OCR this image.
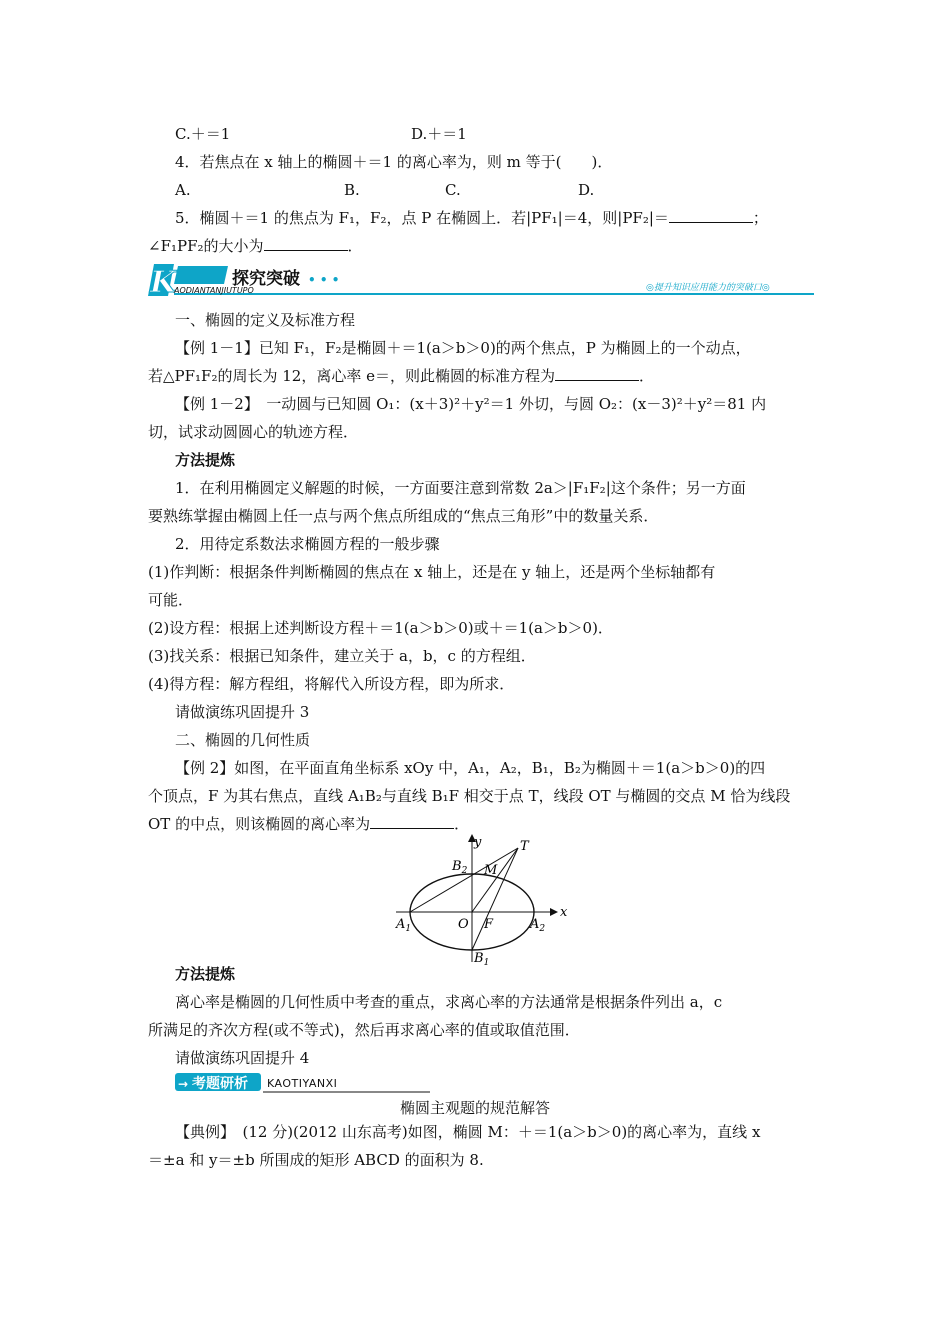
C.＋＝1	D.＋＝1
4．若焦点在 x 轴上的椭圆＋＝1 的离心率为，则 m 等于(　　)．
A.	B.	C.	D.
5．椭圆＋＝1 的焦点为 F₁，F₂，点 P 在椭圆上．若|PF₁|＝4，则|PF₂|＝	；
∠F₁PF₂的大小为	．
K	探究突破 • • •
AODIANTANJIUTUPO	◎提升知识应用能力的突破口◎
一、椭圆的定义及标准方程
【例 1－1】已知 F₁，F₂是椭圆＋＝1(a＞b＞0)的两个焦点，P 为椭圆上的一个动点，
若△PF₁F₂的周长为 12，离心率 e＝，则此椭圆的标准方程为	．
【例 1－2】　一动圆与已知圆 O₁：(x＋3)²＋y²＝1 外切，与圆 O₂：(x－3)²＋y²＝81 内
切，试求动圆圆心的轨迹方程．
方法提炼
1．在利用椭圆定义解题的时候，一方面要注意到常数 2a＞|F₁F₂|这个条件；另一方面
要熟练掌握由椭圆上任一点与两个焦点所组成的“焦点三角形”中的数量关系．
2．用待定系数法求椭圆方程的一般步骤
(1)作判断：根据条件判断椭圆的焦点在 x 轴上，还是在 y 轴上，还是两个坐标轴都有
可能．
(2)设方程：根据上述判断设方程＋＝1(a＞b＞0)或＋＝1(a＞b＞0)．
(3)找关系：根据已知条件，建立关于 a，b，c 的方程组．
(4)得方程：解方程组，将解代入所设方程，即为所求．
请做演练巩固提升 3
二、椭圆的几何性质
【例 2】如图，在平面直角坐标系 xOy 中，A₁，A₂，B₁，B₂为椭圆＋＝1(a＞b＞0)的四
个顶点，F 为其右焦点，直线 A₁B₂与直线 B₁F 相交于点 T，线段 OT 与椭圆的交点 M 恰为线段
OT 的中点，则该椭圆的离心率为	．
y
x
T
$B_2$ M
$A_1$	O F	$A_2$
$B_1$
方法提炼
离心率是椭圆的几何性质中考查的重点，求离心率的方法通常是根据条件列出 a，c
所满足的齐次方程(或不等式)，然后再求离心率的值或取值范围．
请做演练巩固提升 4
→ 考题研析 KAOTIYANXI
椭圆主观题的规范解答
【典例】　(12 分)(2012 山东高考)如图，椭圆 M：＋＝1(a＞b＞0)的离心率为，直线 x
＝±a 和 y＝±b 所围成的矩形 ABCD 的面积为 8.
